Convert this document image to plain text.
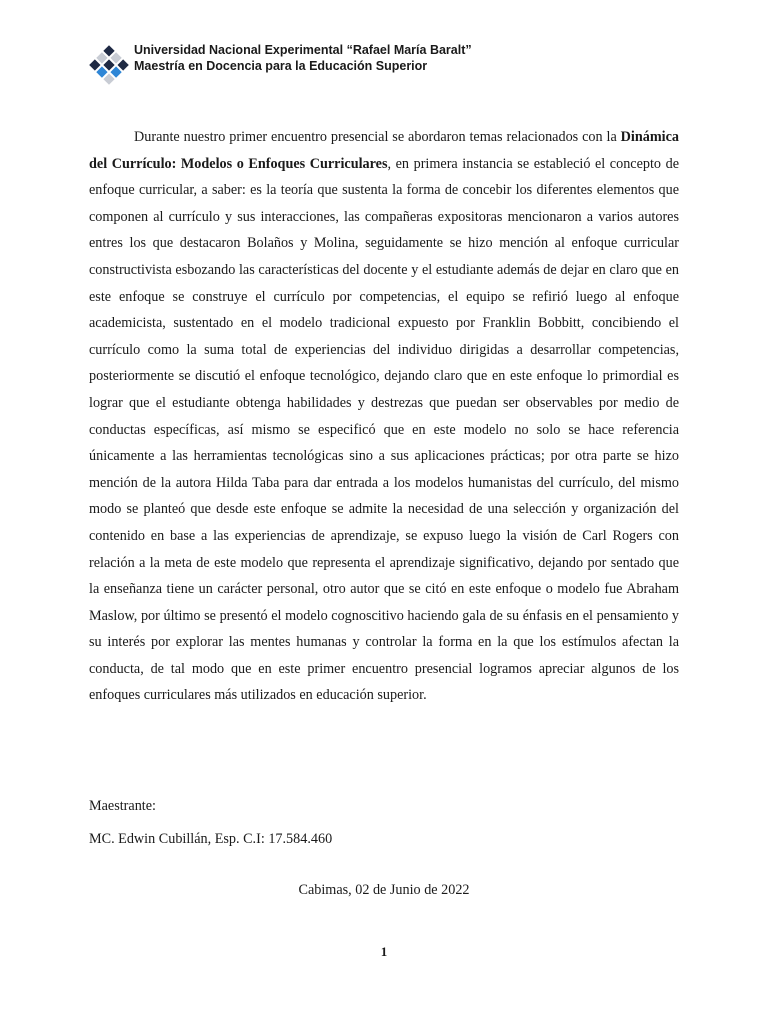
Universidad Nacional Experimental “Rafael María Baralt”
Maestría en Docencia para la Educación Superior

Durante nuestro primer encuentro presencial se abordaron temas relacionados con la Dinámica del Currículo: Modelos o Enfoques Curriculares, en primera instancia se estableció el concepto de enfoque curricular, a saber: es la teoría que sustenta la forma de concebir los diferentes elementos que componen al currículo y sus interacciones, las compañeras expositoras mencionaron a varios autores entres los que destacaron Bolaños y Molina, seguidamente se hizo mención al enfoque curricular constructivista esbozando las características del docente y el estudiante además de dejar en claro que en este enfoque se construye el currículo por competencias, el equipo se refirió luego al enfoque academicista, sustentado en el modelo tradicional expuesto por Franklin Bobbitt, concibiendo el currículo como la suma total de experiencias del individuo dirigidas a desarrollar competencias, posteriormente se discutió el enfoque tecnológico, dejando claro que en este enfoque lo primordial es lograr que el estudiante obtenga habilidades y destrezas que puedan ser observables por medio de conductas específicas, así mismo se especificó que en este modelo no solo se hace referencia únicamente a las herramientas tecnológicas sino a sus aplicaciones prácticas; por otra parte se hizo mención de la autora Hilda Taba para dar entrada a los modelos humanistas del currículo, del mismo modo se planteó que desde este enfoque se admite la necesidad de una selección y organización del contenido en base a las experiencias de aprendizaje, se expuso luego la visión de Carl Rogers con relación a la meta de este modelo que representa el aprendizaje significativo, dejando por sentado que la enseñanza tiene un carácter personal, otro autor que se citó en este enfoque o modelo fue Abraham Maslow, por último se presentó el modelo cognoscitivo haciendo gala de su énfasis en el pensamiento y su interés por explorar las mentes humanas y controlar la forma en la que los estímulos afectan la conducta, de tal modo que en este primer encuentro presencial logramos apreciar algunos de los enfoques curriculares más utilizados en educación superior.

Maestrante:
MC. Edwin Cubillán, Esp. C.I: 17.584.460
Cabimas, 02 de Junio de 2022
1
